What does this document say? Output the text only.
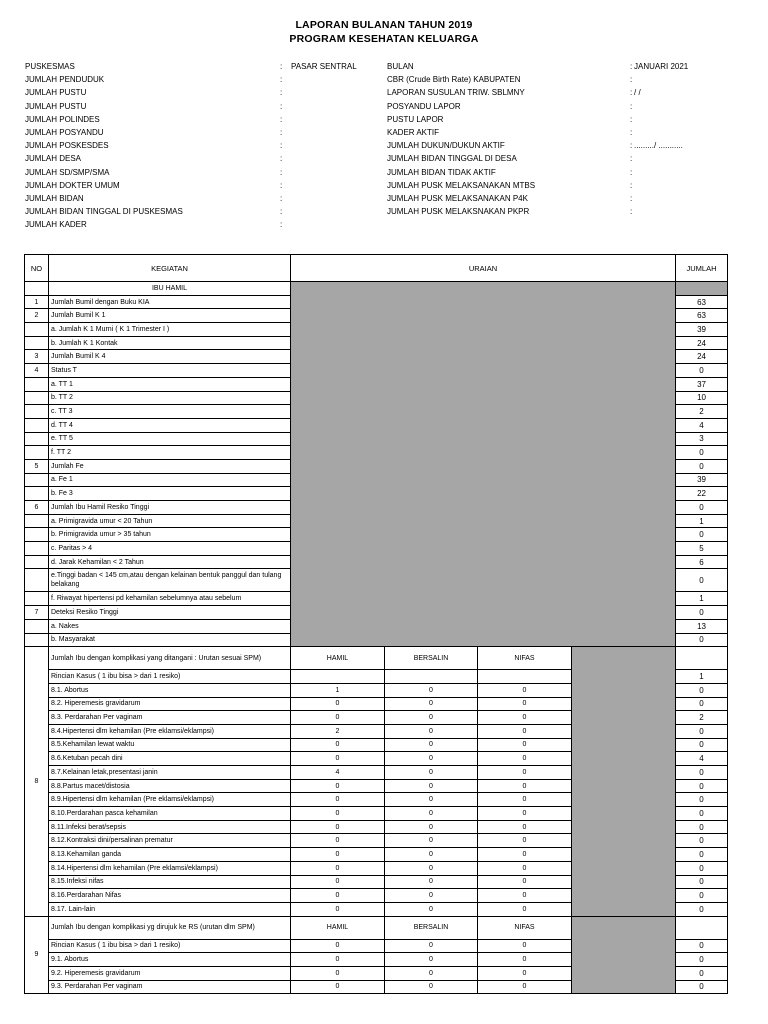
LAPORAN BULANAN TAHUN 2019
PROGRAM KESEHATAN KELUARGA
PUSKESMAS	: PASAR SENTRAL
JUMLAH PENDUDUK	:
JUMLAH PUSTU	:
JUMLAH PUSTU	:
JUMLAH POLINDES	:
JUMLAH POSYANDU	:
JUMLAH POSKESDES	:
JUMLAH DESA	:
JUMLAH SD/SMP/SMA	:
JUMLAH DOKTER UMUM	:
JUMLAH BIDAN	:
JUMLAH BIDAN TINGGAL DI PUSKESMAS	:
JUMLAH KADER	:
BULAN	: JANUARI 2021
CBR (Crude Birth Rate) KABUPATEN	:
LAPORAN SUSULAN TRIW. SBLMNY	: / /
POSYANDU LAPOR	:
PUSTU LAPOR	:
KADER AKTIF	:
JUMLAH DUKUN/DUKUN AKTIF	: ........./ ...........
JUMLAH BIDAN TINGGAL DI DESA	:
JUMLAH BIDAN TIDAK AKTIF	:
JUMLAH PUSK MELAKSANAKAN MTBS	:
JUMLAH PUSK MELAKSANAKAN P4K	:
JUMLAH PUSK MELAKSNAKAN PKPR	:
NO	KEGIATAN	URAIAN				JUMLAH
	IBU HAMIL					
1	Jumlah Bumil dengan Buku KIA					63
2	Jumlah Bumil K 1					63
	a. Jumlah K 1 Murni ( K 1 Trimester I )					39
	b. Jumlah K 1 Kontak					24
3	Jumlah Bumil K 4					24
4	Status T					0
	a. TT 1					37
	b. TT 2					10
	c. TT 3					2
	d. TT 4					4
	e. TT 5					3
	f. TT 2					0
5	Jumlah Fe					0
	a. Fe 1					39
	b. Fe 3					22
6	Jumlah Ibu Hamil Resiko Tinggi					0
	a. Primigravida umur < 20 Tahun					1
	b. Primigravida umur > 35 tahun					0
	c. Paritas > 4					5
	d. Jarak Kehamilan < 2 Tahun					6
	e.Tinggi badan < 145 cm,atau dengan kelainan bentuk panggul dan tulang belakang					0
	f. Riwayat hipertensi pd kehamilan sebelumnya atau sebelum					1
7	Deteksi Resiko Tinggi					0
	a. Nakes					13
	b. Masyarakat					0
8	Jumlah Ibu dengan komplikasi yang ditangani : Urutan sesuai SPM)	HAMIL	BERSALIN	NIFAS		
	Rincian Kasus ( 1 ibu bisa > dari 1 resiko)					1
	8.1. Abortus	1	0	0		0
	8.2. Hiperemesis gravidarum	0	0	0		0
	8.3. Perdarahan Per vaginam	0	0	0		2
	8.4.Hipertensi dlm kehamilan (Pre eklamsi/eklampsi)	2	0	0		0
	8.5.Kehamilan lewat waktu	0	0	0		0
	8.6.Ketuban pecah dini	0	0	0		4
	8.7.Kelainan letak,presentasi janin	4	0	0		0
	8.8.Partus macet/distosia	0	0	0		0
	8.9.Hipertensi dlm kehamilan (Pre eklamsi/eklampsi)	0	0	0		0
	8.10.Perdarahan pasca kehamilan	0	0	0		0
	8.11.Infeksi berat/sepsis	0	0	0		0
	8.12.Kontraksi dini/persalinan prematur	0	0	0		0
	8.13.Kehamilan ganda	0	0	0		0
	8.14.Hipertensi dlm kehamilan (Pre eklamsi/eklampsi)	0	0	0		0
	8.15.Infeksi nifas	0	0	0		0
	8.16.Perdarahan Nifas	0	0	0		0
	8.17. Lain-lain	0	0	0		0
9	Jumlah Ibu dengan komplikasi yg dirujuk ke RS (urutan dlm SPM)	HAMIL	BERSALIN	NIFAS		
	Rincian Kasus ( 1 ibu bisa > dari 1 resiko)	0	0	0		0
	9.1. Abortus	0	0	0		0
	9.2. Hiperemesis gravidarum	0	0	0		0
	9.3. Perdarahan Per vaginam	0	0	0		0
